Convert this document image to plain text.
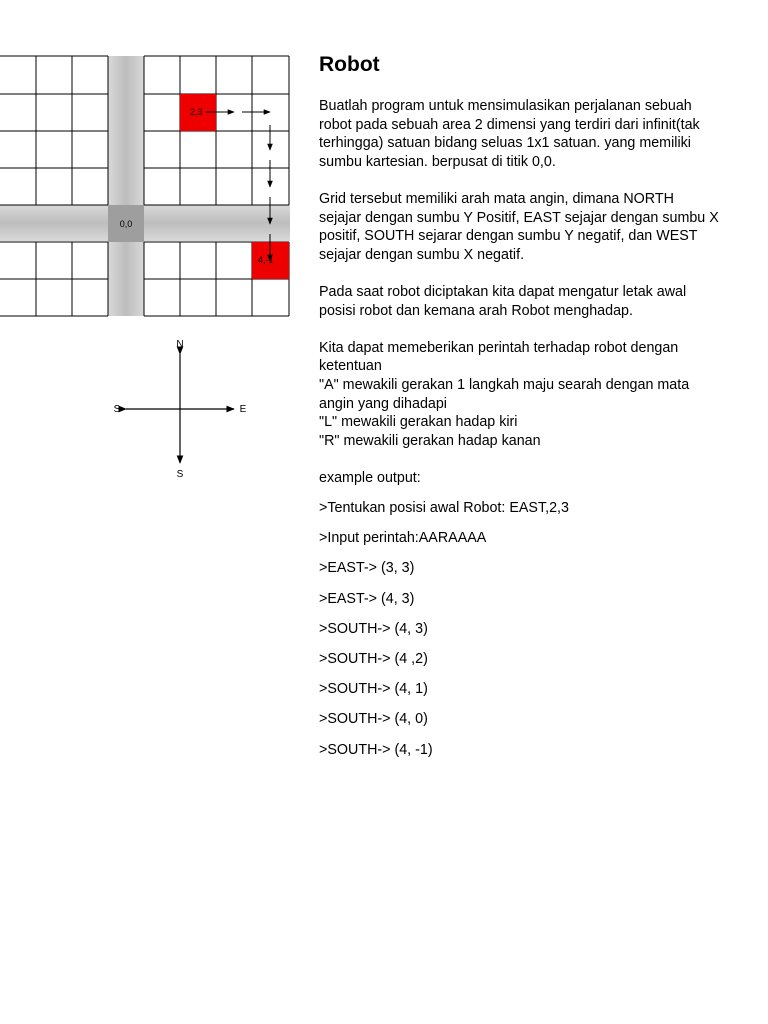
0,0
2,3
4,-1
N
S
S	E
Robot

Buatlah program untuk mensimulasikan perjalanan sebuah robot pada sebuah area 2 dimensi yang terdiri dari infinit(tak terhingga) satuan bidang seluas 1x1 satuan. yang memiliki sumbu kartesian. berpusat di titik 0,0.

Grid tersebut memiliki arah mata angin, dimana NORTH sejajar dengan sumbu Y Positif, EAST sejajar dengan sumbu X positif, SOUTH sejarar dengan sumbu Y negatif, dan WEST sejajar dengan sumbu X negatif.

Pada saat robot diciptakan kita dapat mengatur letak awal posisi robot dan kemana arah Robot menghadap.

Kita dapat memeberikan perintah terhadap robot dengan ketentuan

"A" mewakili gerakan 1 langkah maju searah dengan mata angin yang dihadapi

"L" mewakili gerakan hadap kiri

"R" mewakili gerakan hadap kanan

example output:
>Tentukan posisi awal Robot: EAST,2,3
>Input perintah:AARAAAA
>EAST-> (3, 3)
>EAST-> (4, 3)
>SOUTH-> (4, 3)
>SOUTH-> (4 ,2)
>SOUTH-> (4, 1)
>SOUTH-> (4, 0)
>SOUTH-> (4, -1)
